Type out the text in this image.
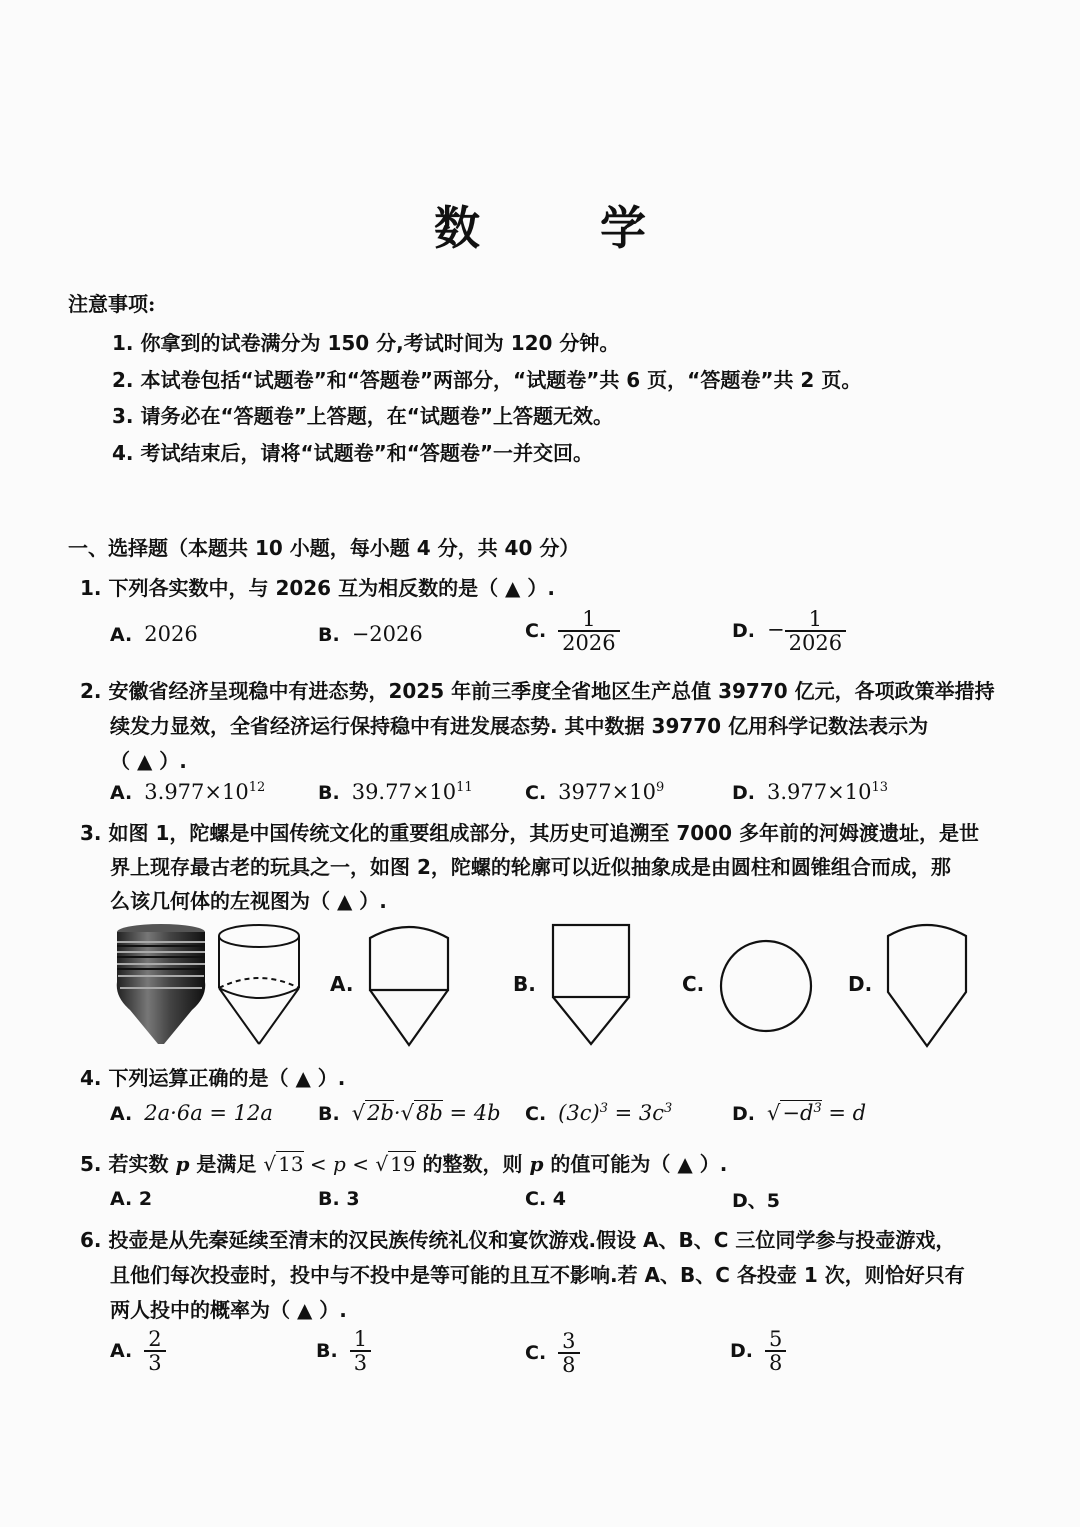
数 学
注意事项:
1. 你拿到的试卷满分为 150 分,考试时间为 120 分钟。
2. 本试卷包括“试题卷”和“答题卷”两部分，“试题卷”共 6 页，“答题卷”共 2 页。
3. 请务必在“答题卷”上答题，在“试题卷”上答题无效。
4. 考试结束后，请将“试题卷”和“答题卷”一并交回。
一、选择题（本题共 10 小题，每小题 4 分，共 40 分）
1. 下列各实数中，与 2026 互为相反数的是（ ▲ ）.
A. 2026	B. −2026	C. $\frac{1}{2026}$	D. − $\frac{1}{2026}$
2. 安徽省经济呈现稳中有进态势，2025 年前三季度全省地区生产总值 39770 亿元，各项政策举措持
续发力显效，全省经济运行保持稳中有进发展态势. 其中数据 39770 亿用科学记数法表示为
（ ▲ ）.
A. $3.977\times 10^{12}$	B. $39.77\times 10^{11}$	C. $3977\times 10^9$	D. $3.977\times 10^{13}$
3. 如图 1，陀螺是中国传统文化的重要组成部分，其历史可追溯至 7000 多年前的河姆渡遗址，是世
界上现存最古老的玩具之一，如图 2，陀螺的轮廓可以近似抽象成是由圆柱和圆锥组合而成，那
么该几何体的左视图为（ ▲ ）.
A.	B.	C.	D.
4. 下列运算正确的是（ ▲ ）.
A. 2a·6a = 12a B. √2b·√8b = 4b C. $(3c)^3 = 3c^3$	D. $√-d^3 = d$
5. 若实数 p 是满足 √ 13 < p < √ 19 的整数，则 p 的值可能为（ ▲ ）.
A. 2	B. 3	C. 4	D、5
6. 投壶是从先秦延续至清末的汉民族传统礼仪和宴饮游戏.假设 A、B、C 三位同学参与投壶游戏，
且他们每次投壶时，投中与不投中是等可能的且互不影响.若 A、B、C 各投壶 1 次，则恰好只有
两人投中的概率为（ ▲ ）.
A. $\frac{2}{3}$	B. $\frac{1}{3}$	C. $\frac{3}{8}$	D. $\frac{5}{8}$
